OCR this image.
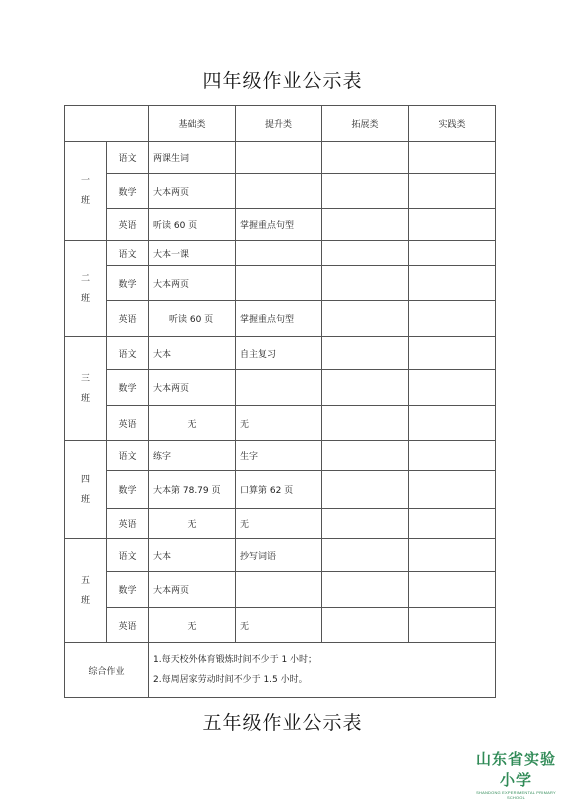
四年级作业公示表
		基础类	提升类	拓展类	实践类

一
班	语文	两课生词			
	数学	大本两页			
	英语	听读 60 页	掌握重点句型		

二
班	语文	大本一课			
	数学	大本两页			
	英语	听读 60 页	掌握重点句型		

三
班	语文	大本	自主复习		
	数学	大本两页			
	英语	无	无		

四
班	语文	练字	生字		
	数学	大本第 78.79 页	口算第 62 页		
	英语	无	无		

五
班	语文	大本	抄写词语		
	数学	大本两页			
	英语	无	无		
综合作业		1.每天校外体育锻炼时间不少于 1 小时；
2.每周居家劳动时间不少于 1.5 小时。			
五年级作业公示表
山东省实验小学
SHANDONG EXPERIMENTAL PRIMARY SCHOOL
